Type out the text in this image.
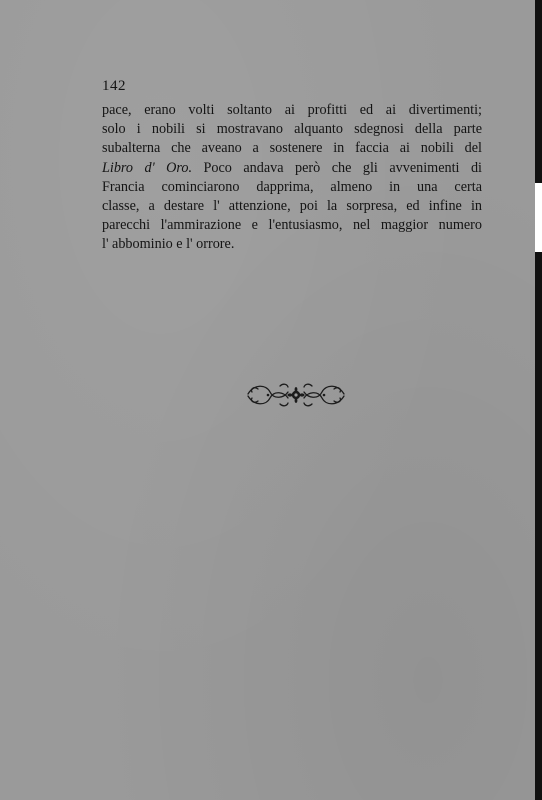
142

pace, erano volti soltanto ai profitti ed ai divertimenti;
solo i nobili si mostravano alquanto sdegnosi della parte
subalterna che aveano a sostenere in faccia ai nobili del
Libro d' Oro. Poco andava però che gli avvenimenti di
Francia cominciarono dapprima, almeno in una certa
classe, a destare l' attenzione, poi la sorpresa, ed infine in
parecchi l'ammirazione e l'entusiasmo, nel maggior numero
l' abbominio e l' orrore.
